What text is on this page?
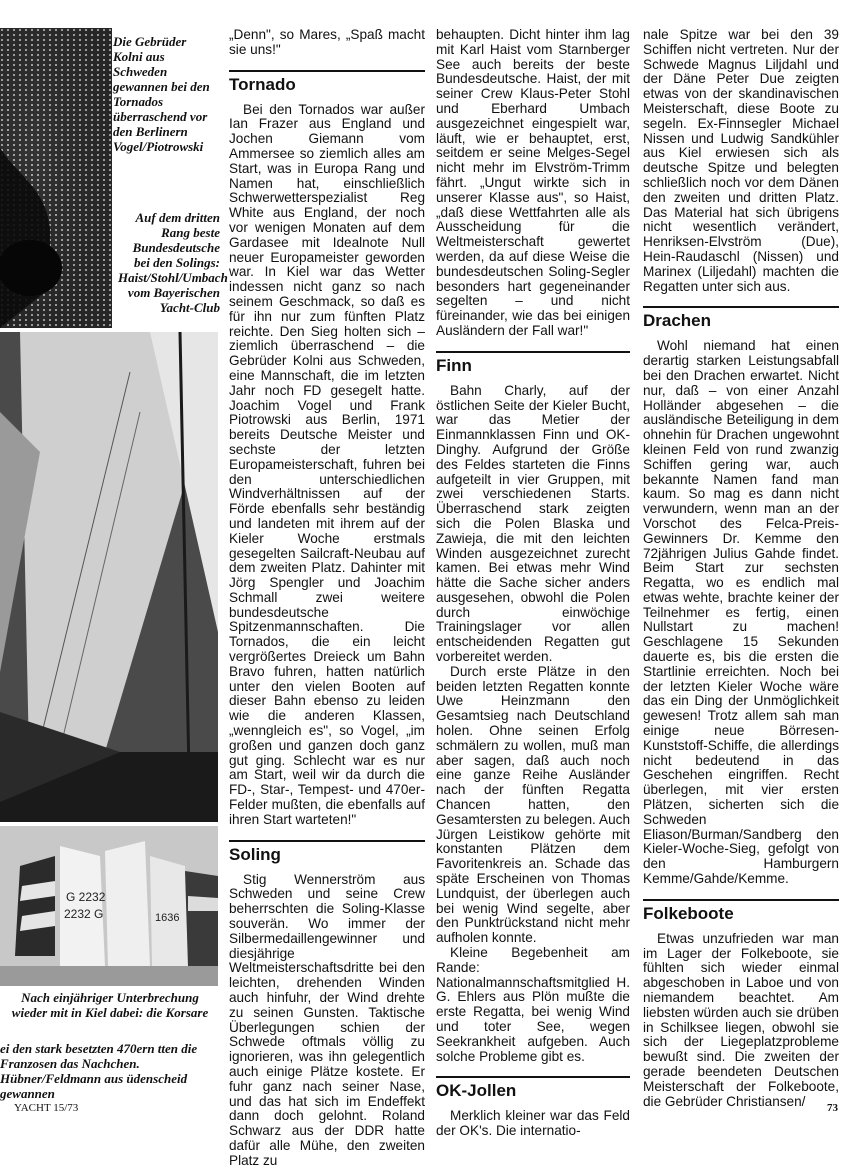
G 2232
2232 G	1636

Die Gebrüder Kolni aus Schweden gewannen bei den Tornados überraschend vor den Berlinern Vogel/Piotrowski

Auf dem dritten Rang beste Bundesdeutsche bei den Solings: Haist/Stohl/Umbach vom Bayerischen Yacht-Club

Nach einjähriger Unterbrechung wieder mit in Kiel dabei: die Korsare

ei den stark besetzten 470ern tten die Franzosen das Nachchen. Hübner/Feldmann aus üdenscheid gewannen

„Denn", so Mares, „Spaß macht sie uns!"

Tornado

Bei den Tornados war außer Ian Frazer aus England und Jochen Giemann vom Ammersee so ziemlich alles am Start, was in Europa Rang und Namen hat, einschließlich Schwerwetterspezialist Reg White aus England, der noch vor wenigen Monaten auf dem Gardasee mit Idealnote Null neuer Europameister geworden war. In Kiel war das Wetter indessen nicht ganz so nach seinem Geschmack, so daß es für ihn nur zum fünften Platz reichte. Den Sieg holten sich – ziemlich überraschend – die Gebrüder Kolni aus Schweden, eine Mannschaft, die im letzten Jahr noch FD gesegelt hatte. Joachim Vogel und Frank Piotrowski aus Berlin, 1971 bereits Deutsche Meister und sechste der letzten Europameisterschaft, fuhren bei den unterschiedlichen Windverhältnissen auf der Förde ebenfalls sehr beständig und landeten mit ihrem auf der Kieler Woche erstmals gesegelten Sailcraft-Neubau auf dem zweiten Platz. Dahinter mit Jörg Spengler und Joachim Schmall zwei weitere bundesdeutsche Spitzenmannschaften. Die Tornados, die ein leicht vergrößertes Dreieck um Bahn Bravo fuhren, hatten natürlich unter den vielen Booten auf dieser Bahn ebenso zu leiden wie die anderen Klassen, „wenngleich es", so Vogel, „im großen und ganzen doch ganz gut ging. Schlecht war es nur am Start, weil wir da durch die FD-, Star-, Tempest- und 470er-Felder mußten, die ebenfalls auf ihren Start warteten!"

Soling

Stig Wennerström aus Schweden und seine Crew beherrschten die Soling-Klasse souverän. Wo immer der Silbermedaillengewinner und diesjährige Weltmeisterschaftsdritte bei den leichten, drehenden Winden auch hinfuhr, der Wind drehte zu seinen Gunsten. Taktische Überlegungen schien der Schwede oftmals völlig zu ignorieren, was ihn gelegentlich auch einige Plätze kostete. Er fuhr ganz nach seiner Nase, und das hat sich im Endeffekt dann doch gelohnt. Roland Schwarz aus der DDR hatte dafür alle Mühe, den zweiten Platz zu

behaupten. Dicht hinter ihm lag mit Karl Haist vom Starnberger See auch bereits der beste Bundesdeutsche. Haist, der mit seiner Crew Klaus-Peter Stohl und Eberhard Umbach ausgezeichnet eingespielt war, läuft, wie er behauptet, erst, seitdem er seine Melges-Segel nicht mehr im Elvström-Trimm fährt. „Ungut wirkte sich in unserer Klasse aus", so Haist, „daß diese Wettfahrten alle als Ausscheidung für die Weltmeisterschaft gewertet werden, da auf diese Weise die bundesdeutschen Soling-Segler besonders hart gegeneinander segelten – und nicht füreinander, wie das bei einigen Ausländern der Fall war!"

Finn

Bahn Charly, auf der östlichen Seite der Kieler Bucht, war das Metier der Einmannklassen Finn und OK-Dinghy. Aufgrund der Größe des Feldes starteten die Finns aufgeteilt in vier Gruppen, mit zwei verschiedenen Starts. Überraschend stark zeigten sich die Polen Blaska und Zawieja, die mit den leichten Winden ausgezeichnet zurecht kamen. Bei etwas mehr Wind hätte die Sache sicher anders ausgesehen, obwohl die Polen durch einwöchige Trainingslager vor allen entscheidenden Regatten gut vorbereitet werden.

Durch erste Plätze in den beiden letzten Regatten konnte Uwe Heinzmann den Gesamtsieg nach Deutschland holen. Ohne seinen Erfolg schmälern zu wollen, muß man aber sagen, daß auch noch eine ganze Reihe Ausländer nach der fünften Regatta Chancen hatten, den Gesamtersten zu belegen. Auch Jürgen Leistikow gehörte mit konstanten Plätzen dem Favoritenkreis an. Schade das späte Erscheinen von Thomas Lundquist, der überlegen auch bei wenig Wind segelte, aber den Punktrückstand nicht mehr aufholen konnte.

Kleine Begebenheit am Rande: Nationalmannschaftsmitglied H. G. Ehlers aus Plön mußte die erste Regatta, bei wenig Wind und toter See, wegen Seekrankheit aufgeben. Auch solche Probleme gibt es.

OK-Jollen

Merklich kleiner war das Feld der OK's. Die internatio-

nale Spitze war bei den 39 Schiffen nicht vertreten. Nur der Schwede Magnus Liljdahl und der Däne Peter Due zeigten etwas von der skandinavischen Meisterschaft, diese Boote zu segeln. Ex-Finnsegler Michael Nissen und Ludwig Sandkühler aus Kiel erwiesen sich als deutsche Spitze und belegten schließlich noch vor dem Dänen den zweiten und dritten Platz. Das Material hat sich übrigens nicht wesentlich verändert, Henriksen-Elvström (Due), Hein-Raudaschl (Nissen) und Marinex (Liljedahl) machten die Regatten unter sich aus.

Drachen

Wohl niemand hat einen derartig starken Leistungsabfall bei den Drachen erwartet. Nicht nur, daß – von einer Anzahl Holländer abgesehen – die ausländische Beteiligung in dem ohnehin für Drachen ungewohnt kleinen Feld von rund zwanzig Schiffen gering war, auch bekannte Namen fand man kaum. So mag es dann nicht verwundern, wenn man an der Vorschot des Felca-Preis-Gewinners Dr. Kemme den 72jährigen Julius Gahde findet. Beim Start zur sechsten Regatta, wo es endlich mal etwas wehte, brachte keiner der Teilnehmer es fertig, einen Nullstart zu machen! Geschlagene 15 Sekunden dauerte es, bis die ersten die Startlinie erreichten. Noch bei der letzten Kieler Woche wäre das ein Ding der Unmöglichkeit gewesen! Trotz allem sah man einige neue Börresen-Kunststoff-Schiffe, die allerdings nicht bedeutend in das Geschehen eingriffen. Recht überlegen, mit vier ersten Plätzen, sicherten sich die Schweden Eliason/Burman/Sandberg den Kieler-Woche-Sieg, gefolgt von den Hamburgern Kemme/Gahde/Kemme.

Folkeboote

Etwas unzufrieden war man im Lager der Folkeboote, sie fühlten sich wieder einmal abgeschoben in Laboe und von niemandem beachtet. Am liebsten würden auch sie drüben in Schilksee liegen, obwohl sie sich der Liegeplatzprobleme bewußt sind. Die zweiten der gerade beendeten Deutschen Meisterschaft der Folkeboote, die Gebrüder Christiansen/

YACHT 15/73	73
